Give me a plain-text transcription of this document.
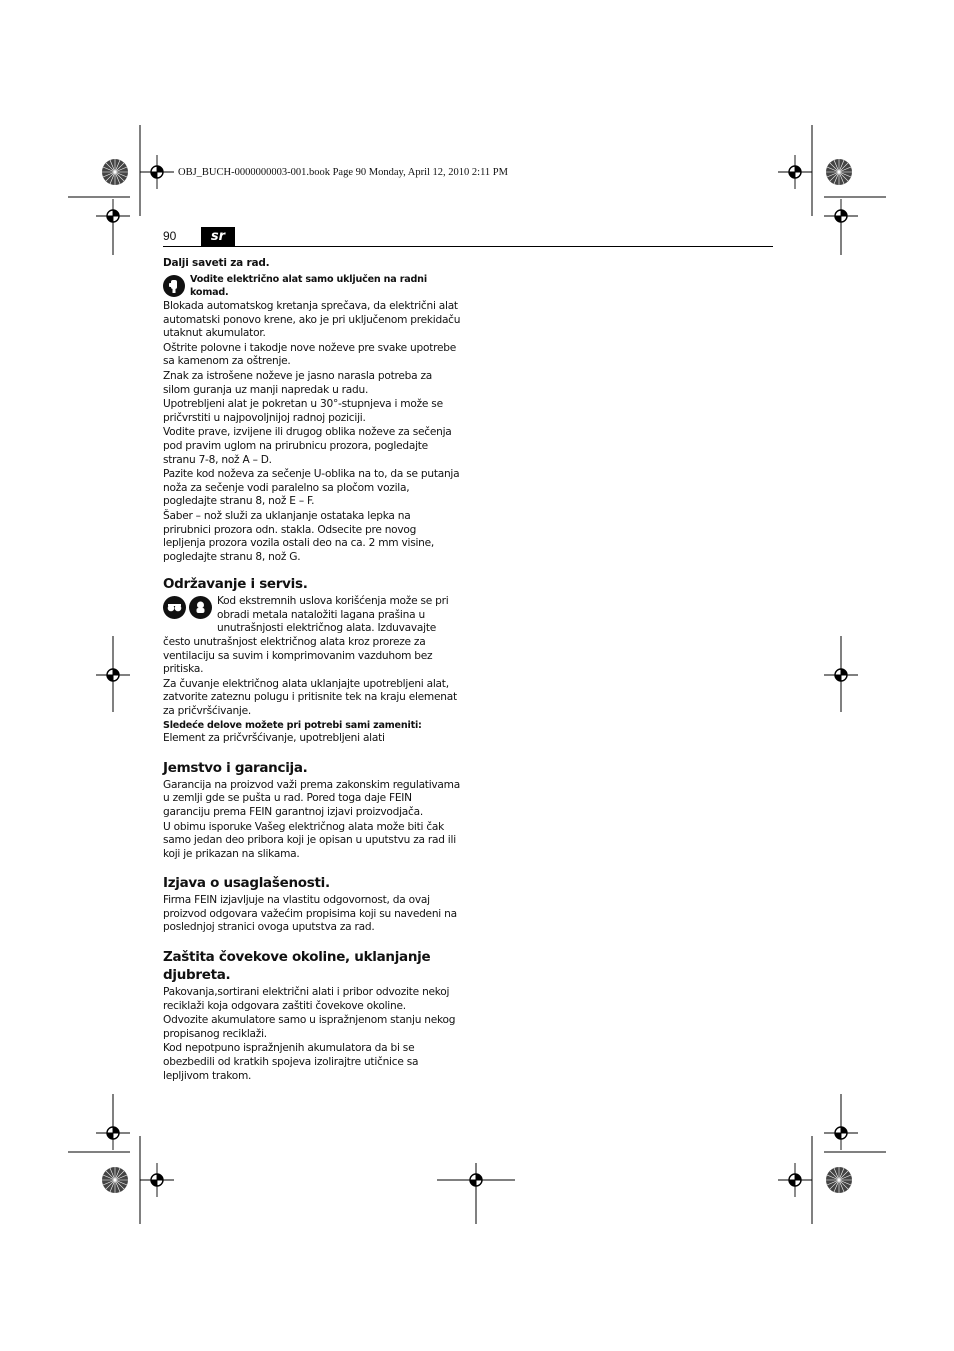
OBJ_BUCH-0000000003-001.book Page 90 Monday, April 12, 2010 2:11 PM
90	sr
Dalji saveti za rad.
Vodite električno alat samo uključen na radni komad.

Blokada automatskog kretanja sprečava, da električni alat automatski ponovo krene, ako je pri uključenom prekidaču utaknut akumulator.

Oštrite polovne i takodje nove noževe pre svake upotrebe sa kamenom za oštrenje.

Znak za istrošene noževe je jasno narasla potreba za silom guranja uz manji napredak u radu.

Upotrebljeni alat je pokretan u 30°-stupnjeva i može se pričvrstiti u najpovoljnijoj radnoj poziciji.

Vodite prave, izvijene ili drugog oblika noževe za sečenja pod pravim uglom na prirubnicu prozora, pogledajte stranu 7-8, nož A – D.

Pazite kod noževa za sečenje U-oblika na to, da se putanja noža za sečenje vodi paralelno sa pločom vozila, pogledajte stranu 8, nož E – F.

Šaber – nož služi za uklanjanje ostataka lepka na prirubnici prozora odn. stakla. Odsecite pre novog lepljenja prozora vozila ostali deo na ca. 2 mm visine, pogledajte stranu 8, nož G.

Održavanje i servis.

Kod ekstremnih uslova korišćenja može se pri obradi metala nataložiti lagana prašina u unutrašnjosti električnog alata. Izduvavajte često unutrašnjost električnog alata kroz proreze za ventilaciju sa suvim i komprimovanim vazduhom bez pritiska.

Za čuvanje električnog alata uklanjajte upotrebljeni alat, zatvorite zateznu polugu i pritisnite tek na kraju elemenat za pričvršćivanje.

Sledeće delove možete pri potrebi sami zameniti:

Element za pričvršćivanje, upotrebljeni alati

Jemstvo i garancija.

Garancija na proizvod važi prema zakonskim regulativama u zemlji gde se pušta u rad. Pored toga daje FEIN garanciju prema FEIN garantnoj izjavi proizvodjača.

U obimu isporuke Vašeg električnog alata može biti čak samo jedan deo pribora koji je opisan u uputstvu za rad ili koji je prikazan na slikama.

Izjava o usaglašenosti.

Firma FEIN izjavljuje na vlastitu odgovornost, da ovaj proizvod odgovara važećim propisima koji su navedeni na poslednjoj stranici ovoga uputstva za rad.

Zaštita čovekove okoline, uklanjanje djubreta.

Pakovanja,sortirani električni alati i pribor odvozite nekoj reciklaži koja odgovara zaštiti čovekove okoline.

Odvozite akumulatore samo u ispražnjenom stanju nekog propisanog reciklaži.

Kod nepotpuno ispražnjenih akumulatora da bi se obezbedili od kratkih spojeva izolirajtre utičnice sa lepljivom trakom.
